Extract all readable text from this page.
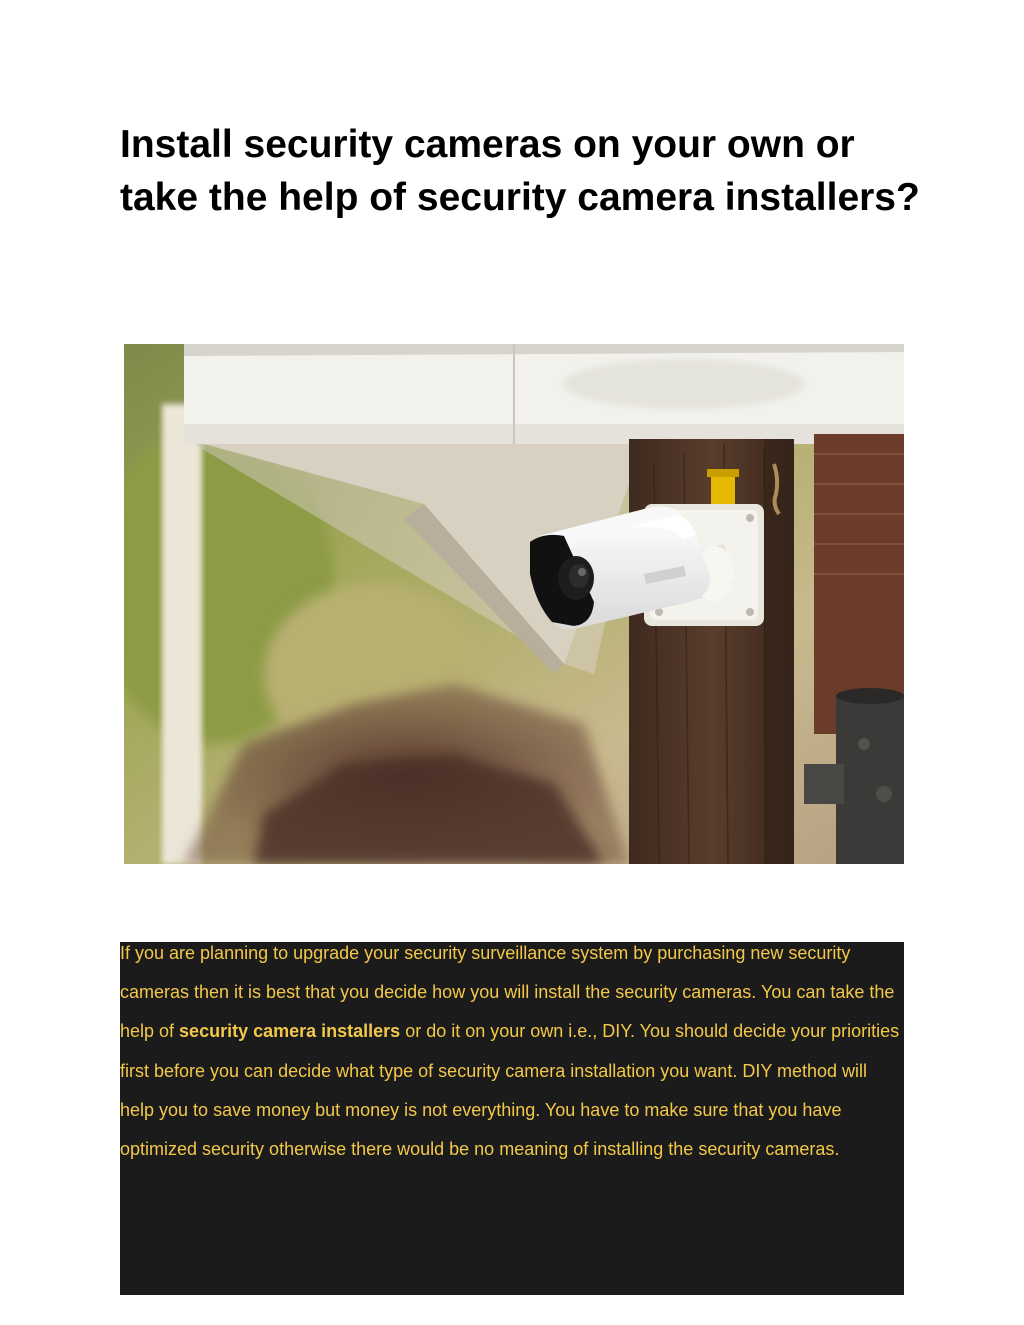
Install security cameras on your own or take the help of security camera installers?

If you are planning to upgrade your security surveillance system by purchasing new security cameras then it is best that you decide how you will install the security cameras. You can take the help of security camera installers or do it on your own i.e., DIY. You should decide your priorities first before you can decide what type of security camera installation you want. DIY method will help you to save money but money is not everything. You have to make sure that you have optimized security otherwise there would be no meaning of installing the security cameras.
